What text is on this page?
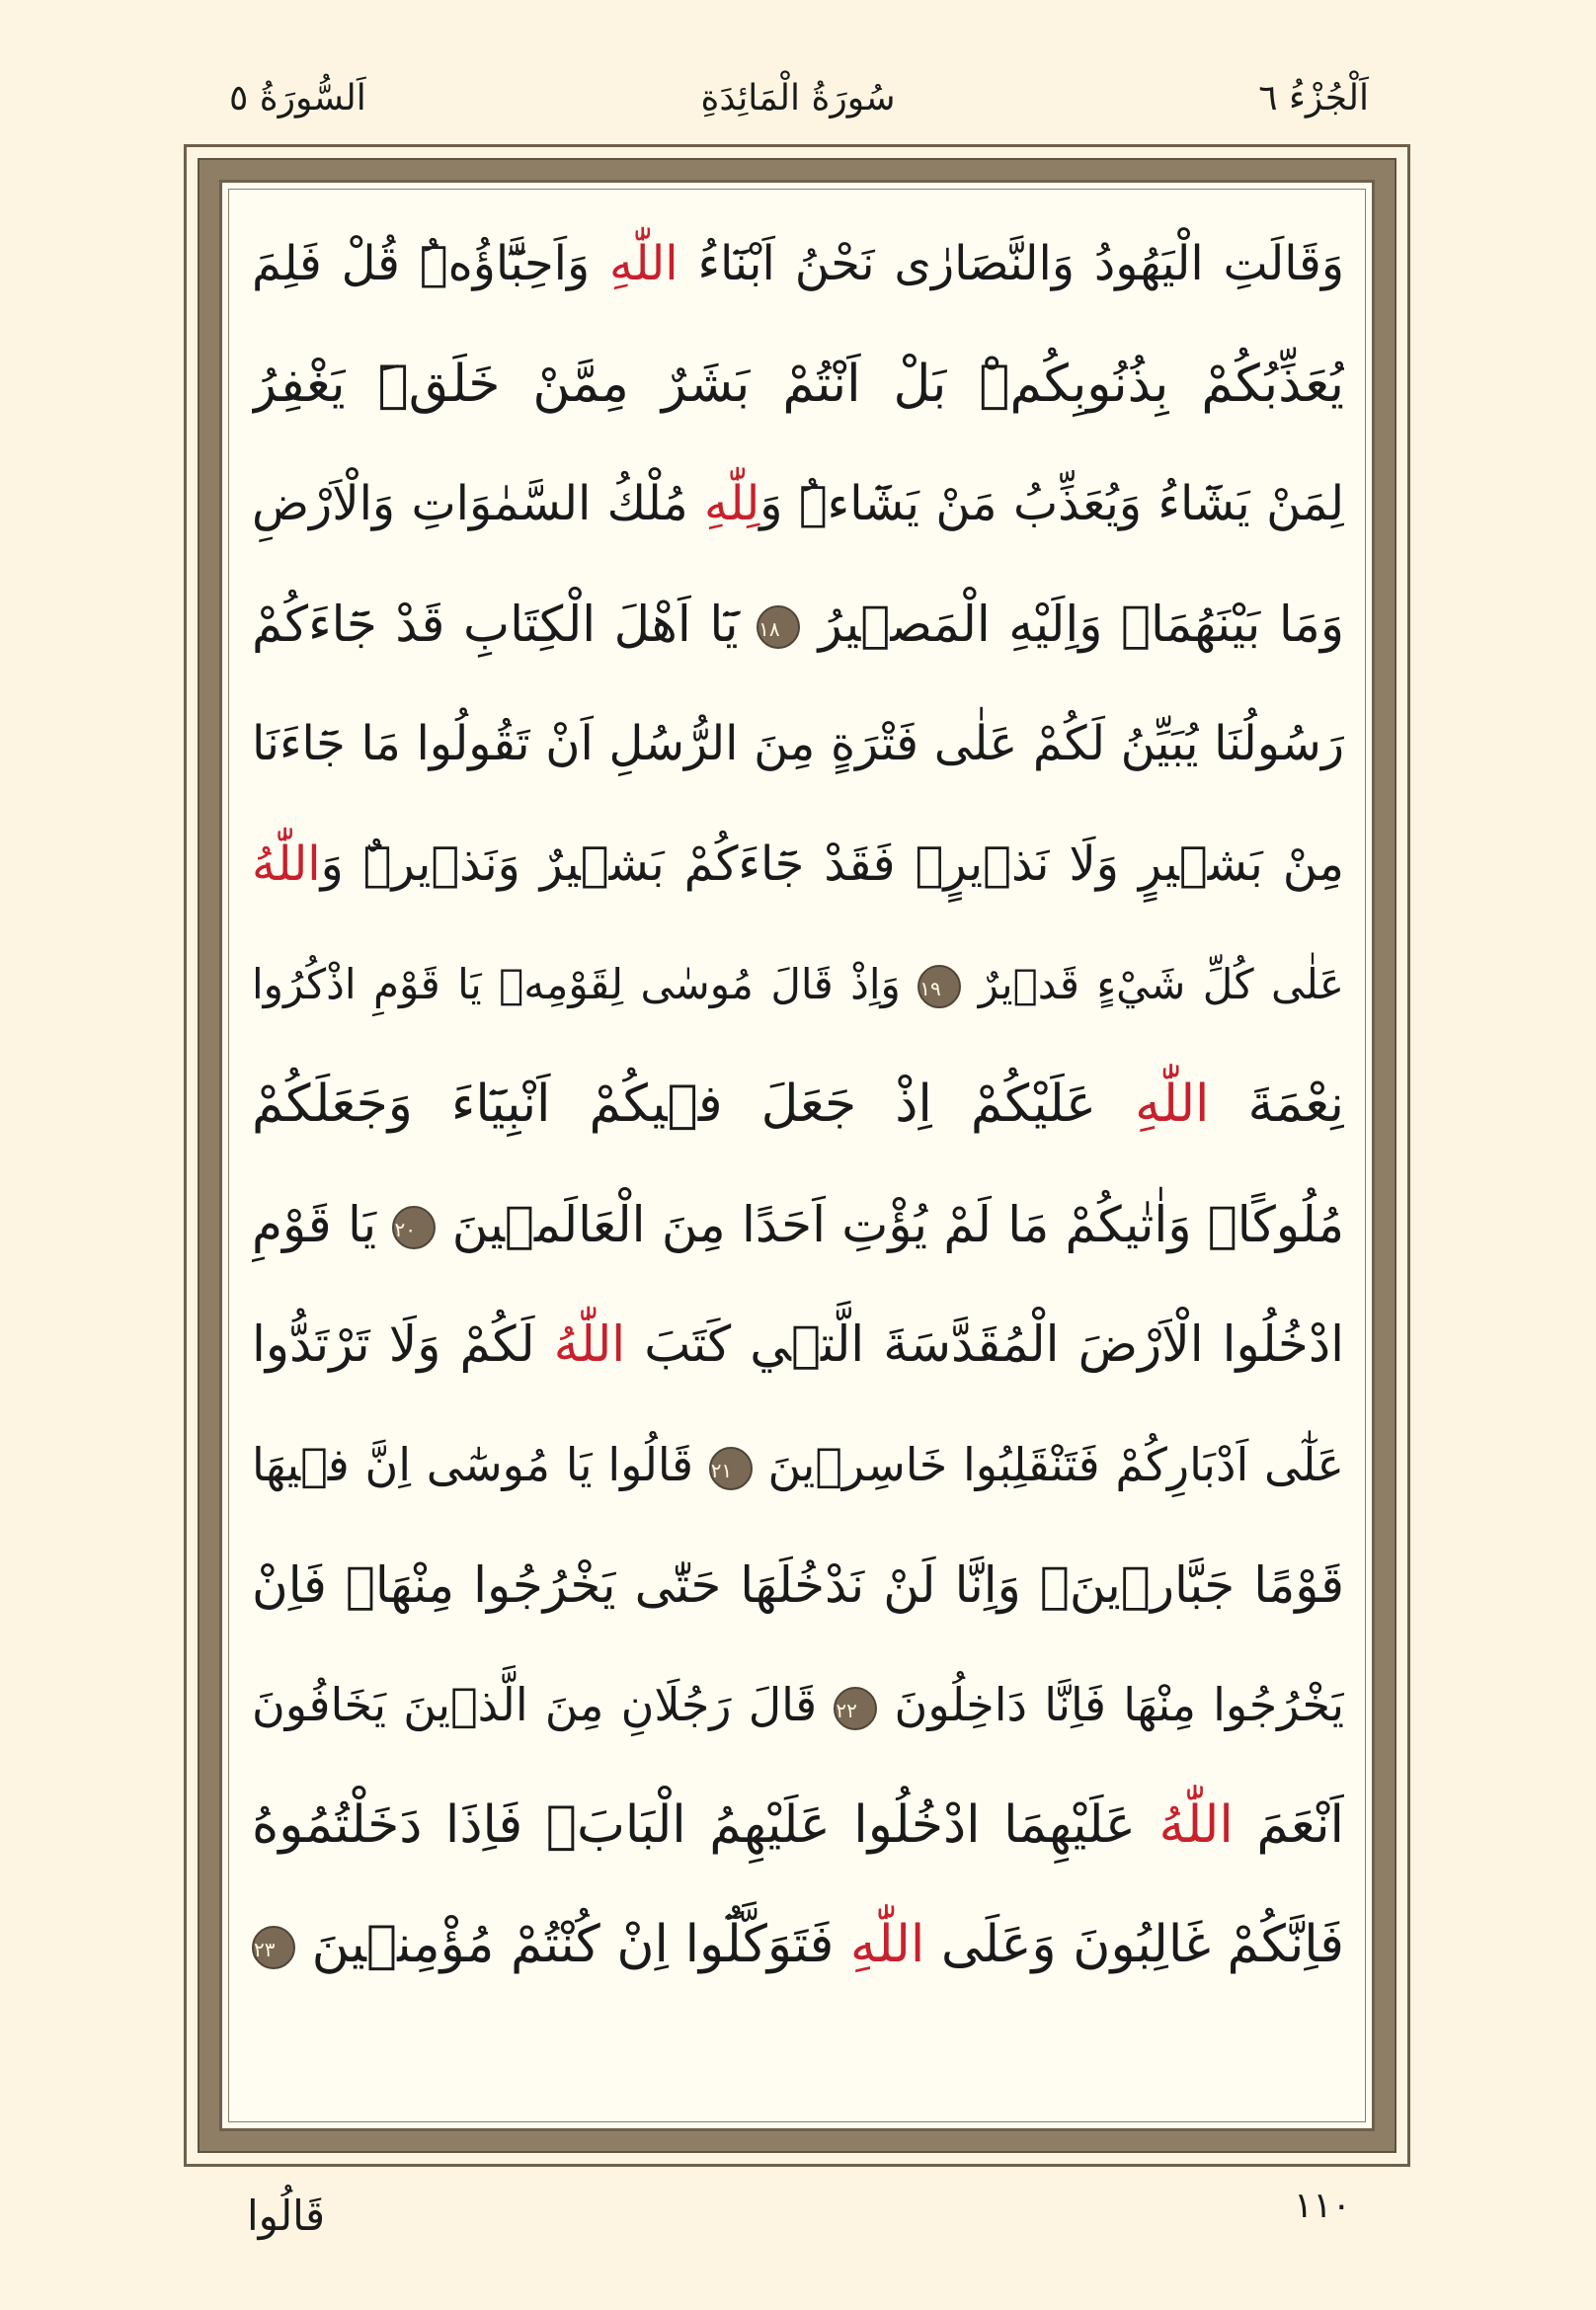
اَلْجُزْءُ ٦
سُورَةُ الْمَائِدَةِ
اَلسُّورَةُ ٥
وَقَالَتِ الْيَهُودُ وَالنَّصَارٰى نَحْنُ اَبْنَٓاءُ اللّٰهِ وَاَحِبَّٓاؤُهُۜ قُلْ فَلِمَ
يُعَذِّبُكُمْ بِذُنُوبِكُمْۜ بَلْ اَنْتُمْ بَشَرٌ مِمَّنْ خَلَقَۜ يَغْفِرُ
لِمَنْ يَشَٓاءُ وَيُعَذِّبُ مَنْ يَشَٓاءُۜ وَلِلّٰهِ مُلْكُ السَّمٰوَاتِ وَالْاَرْضِ
وَمَا بَيْنَهُمَاۘ وَاِلَيْهِ الْمَص۪يرُ ١٨ يَٓا اَهْلَ الْكِتَابِ قَدْ جَٓاءَكُمْ
رَسُولُنَا يُبَيِّنُ لَكُمْ عَلٰى فَتْرَةٍ مِنَ الرُّسُلِ اَنْ تَقُولُوا مَا جَٓاءَنَا
مِنْ بَش۪يرٍ وَلَا نَذ۪يرٍۘ فَقَدْ جَٓاءَكُمْ بَش۪يرٌ وَنَذ۪يرٌۜ وَاللّٰهُ
عَلٰى كُلِّ شَيْءٍ قَد۪يرٌ ١٩ وَاِذْ قَالَ مُوسٰى لِقَوْمِه۪ يَا قَوْمِ اذْكُرُوا
نِعْمَةَ اللّٰهِ عَلَيْكُمْ اِذْ جَعَلَ ف۪يكُمْ اَنْبِيَٓاءَ وَجَعَلَكُمْ
مُلُوكًاۗ وَاٰتٰيكُمْ مَا لَمْ يُؤْتِ اَحَدًا مِنَ الْعَالَم۪ينَ ٢٠ يَا قَوْمِ
ادْخُلُوا الْاَرْضَ الْمُقَدَّسَةَ الَّت۪ي كَتَبَ اللّٰهُ لَكُمْ وَلَا تَرْتَدُّوا
عَلٰٓى اَدْبَارِكُمْ فَتَنْقَلِبُوا خَاسِر۪ينَ ٢١ قَالُوا يَا مُوسٰٓى اِنَّ ف۪يهَا
قَوْمًا جَبَّار۪ينَۗ وَاِنَّا لَنْ نَدْخُلَهَا حَتّٰى يَخْرُجُوا مِنْهَاۚ فَاِنْ
يَخْرُجُوا مِنْهَا فَاِنَّا دَاخِلُونَ ٢٢ قَالَ رَجُلَانِ مِنَ الَّذ۪ينَ يَخَافُونَ
اَنْعَمَ اللّٰهُ عَلَيْهِمَا ادْخُلُوا عَلَيْهِمُ الْبَابَۚ فَاِذَا دَخَلْتُمُوهُ
فَاِنَّكُمْ غَالِبُونَ وَعَلَى اللّٰهِ فَتَوَكَّلُٓوا اِنْ كُنْتُمْ مُؤْمِن۪ينَ ٢٣
١١٠
قَالُوا
